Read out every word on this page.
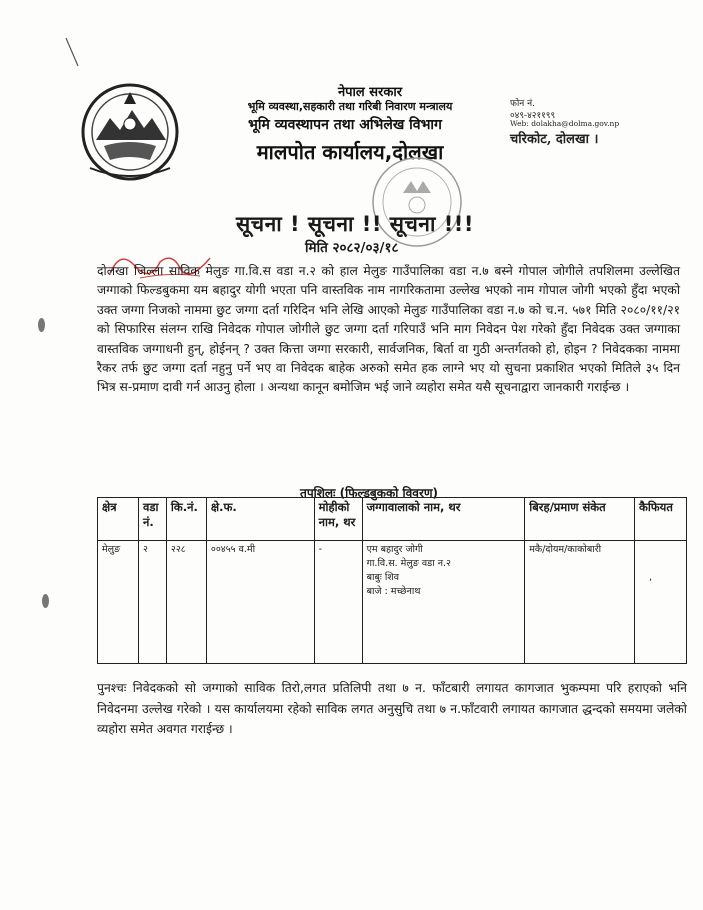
नेपाल सरकार
भूमि व्यवस्था,सहकारी तथा गरिबी निवारण मन्त्रालय
भूमि व्यवस्थापन तथा अभिलेख विभाग
मालपोत कार्यालय,दोलखा
फोन नं.
०४९-४२११९९
Web: dolakha@dolma.gov.np
चरिकोट, दोलखा ।
सूचना ! सूचना !! सूचना !!!
मिति २०८२/०३/१८
दोलखा जिल्ला साविक मेलुङ गा.वि.स वडा न.२ को हाल मेलुङ गाउँपालिका वडा न.७ बस्ने गोपाल जोगीले तपशिलमा उल्लेखित जग्गाको फिल्डबुकमा यम बहादुर योगी भएता पनि वास्तविक नाम नागरिकतामा उल्लेख भएको नाम गोपाल जोगी भएको हुँदा भएको उक्त जग्गा निजको नाममा छुट जग्गा दर्ता गरिदिन भनि लेखि आएको मेलुङ गाउँपालिका वडा न.७ को च.न. ५७१ मिति २०८०/११/२१ को सिफारिस संलग्न राखि निवेदक गोपाल जोगीले छुट जग्गा दर्ता गरिपाउँ भनि माग निवेदन पेश गरेको हुँदा निवेदक उक्त जग्गाका वास्तविक जग्गाधनी हुन्, होईनन् ? उक्त कित्ता जग्गा सरकारी, सार्वजनिक, बिर्ता वा गुठी अन्तर्गतको हो, होइन ? निवेदकका नाममा रैकर तर्फ छुट जग्गा दर्ता नहुनु पर्ने भए वा निवेदक बाहेक अरुको समेत हक लाग्ने भए यो सुचना प्रकाशित भएको मितिले ३५ दिन भित्र स-प्रमाण दावी गर्न आउनु होला । अन्यथा कानून बमोजिम भई जाने व्यहोरा समेत यसै सूचनाद्वारा जानकारी गराईन्छ ।
तपशिलः (फिल्डबुकको विवरण)
क्षेत्र	वडा नं.	कि.नं.	क्षे.फ.	मोहीको नाम, थर	जग्गावालाको नाम, थर	बिरह/प्रमाण संकेत	कैफियत
मेलुङ	२	२२८	००४५५ व.मी	-	एम बहादुर जोगी
गा.वि.स. मेलुङ वडा न.२
बाबुः शिव
बाजे : मच्छेनाथ	मकै/दोयम/काकोबारी	,
पुनश्चः निवेदकको सो जग्गाको साविक तिरो,लगत प्रतिलिपी तथा ७ न. फाँटबारी लगायत कागजात भुकम्पमा परि हराएको भनि निवेदनमा उल्लेख गरेको । यस कार्यालयमा रहेको साविक लगत अनुसुचि तथा ७ न.फाँटवारी लगायत कागजात द्धन्दको समयमा जलेको व्यहोरा समेत अवगत गराईन्छ ।
